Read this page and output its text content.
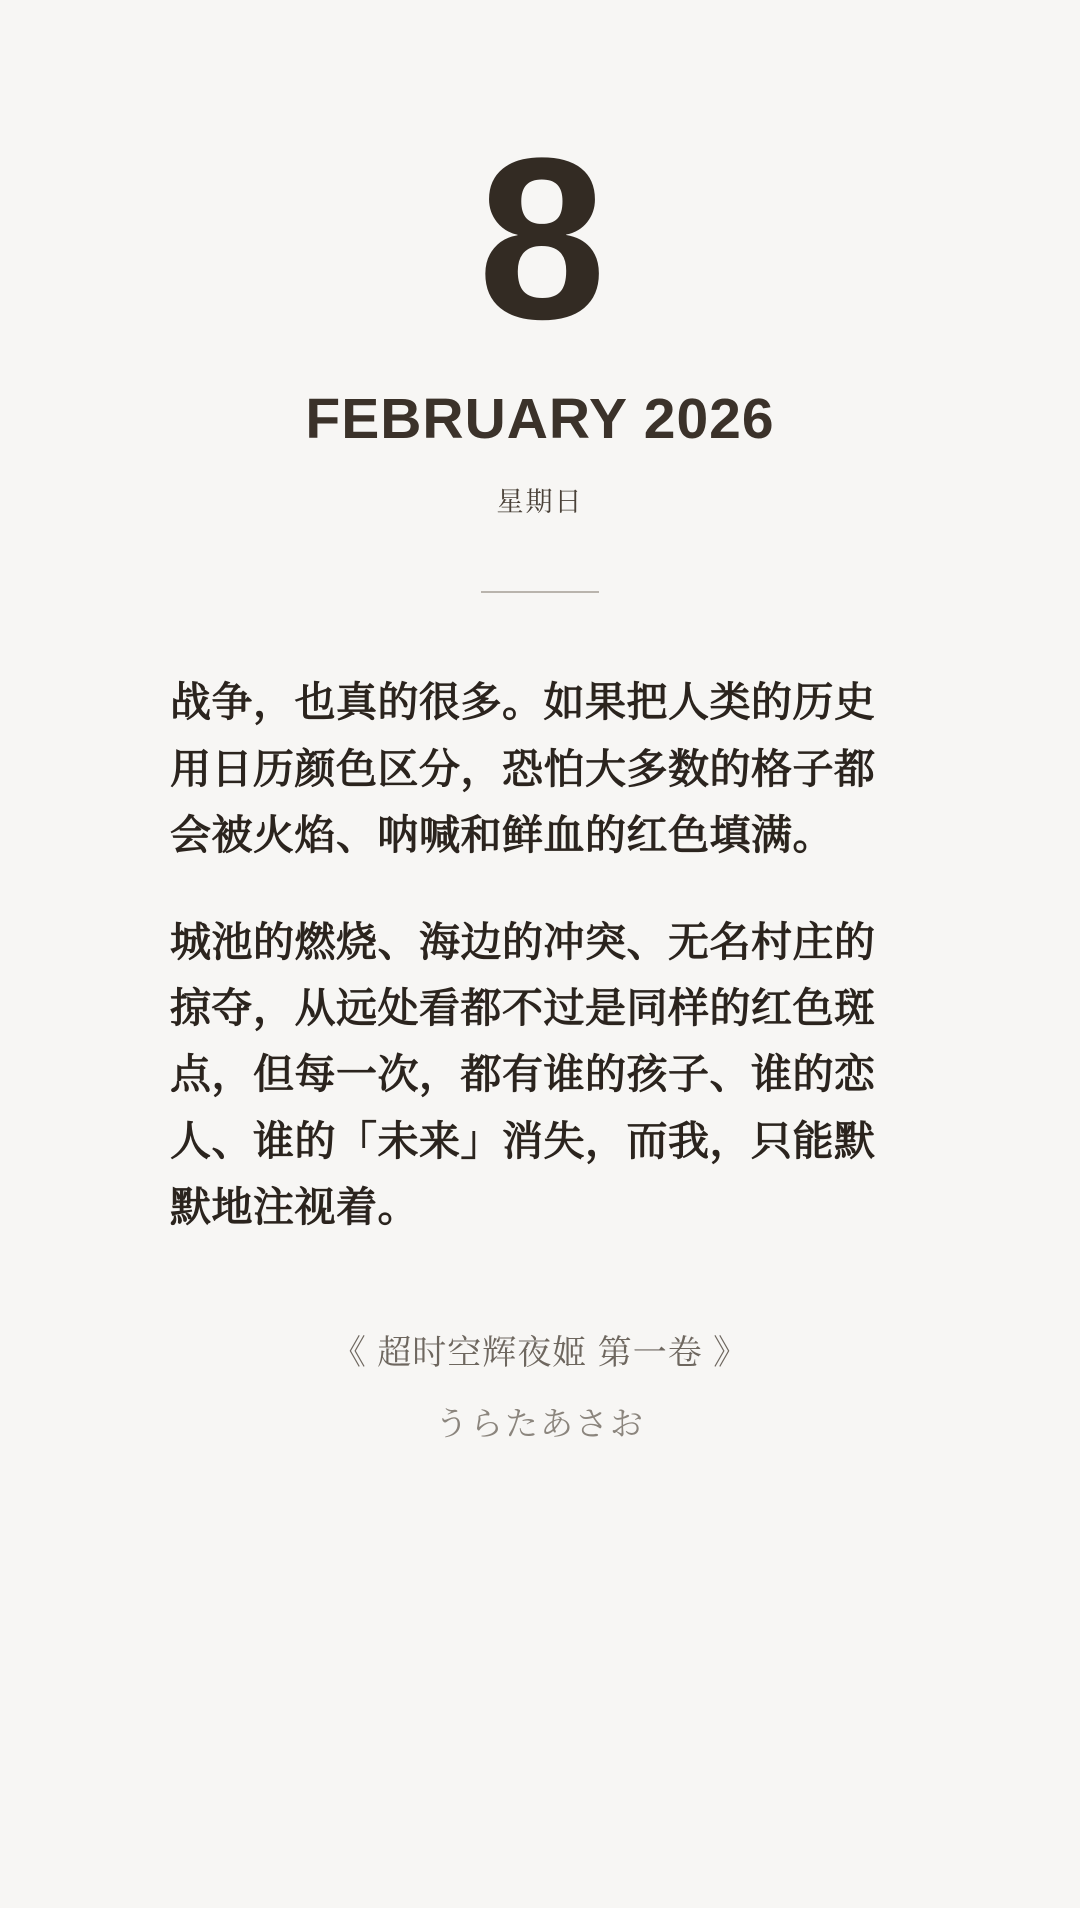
8
FEBRUARY 2026
星期日

战争，也真的很多。如果把人类的历史用日历颜色区分，恐怕大多数的格子都会被火焰、呐喊和鲜血的红色填满。

城池的燃烧、海边的冲突、无名村庄的掠夺，从远处看都不过是同样的红色斑点，但每一次，都有谁的孩子、谁的恋人、谁的「未来」消失，而我，只能默默地注视着。

《 超时空辉夜姬 第一卷 》
うらたあさお
